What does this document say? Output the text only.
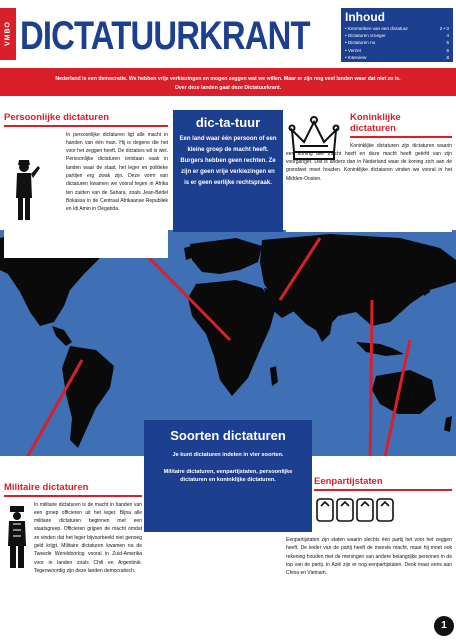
VMBO DICTATUURKRANT	Inhoud
• Kenmerken van een dictatuur	2 • 3
• Dictaturen vroeger	4
• Dictaturen nu	5
• Verzet	6
• Interview	8
Nederland is een democratie. We hebben vrije verkiezingen en mogen zeggen wat we willen. Maar er zijn nog veel landen waar dat niet zo is.
Over deze landen gaat deze Dictatuurkrant.
Persoonlijke dictaturen
In persoonlijke dictaturen ligt alle macht in handen van één man. Hij is degene die het voor het zeggen heeft. De dictators wil is wet. Persoonlijke dictaturen ontstaan vaak in landen waar de staat, het leger en politieke partijen erg zwak zijn. Deze vorm van dictaturen kwamen we vooral tegen in Afrika ten zuiden van de Sahara, zoals Jean-Bédel Bokassa in de Centraal Afrikaanse Republiek en Idi Amin in Oeganda.
dic-ta-tuur
Een land waar één persoon of een kleine groep de macht heeft. Burgers hebben geen rechten. Ze zijn er geen vrije verkiezingen en is er geen eerlijke rechtspraak.
Koninklijke dictaturen
Koninklijke dictaturen zijn dictaturen waarin een koning alle macht heeft en deze macht heeft geërfd van zijn voorganger. Dat is anders dan in Nederland waar de koning zich aan de grondwet moet houden. Koninklijke dictaturen vinden we vooral in het Midden-Oosten.
Soorten dictaturen
Je kunt dictaturen indelen in vier soorten.
Militaire dictaturen, eenpartijstaten, persoonlijke dictaturen en koninklijke dictaturen.
Militaire dictaturen
In militaire dictaturen is de macht in handen van een groep officieren uit het leger. Bijna alle militaire dictaturen beginnen met een staatsgreep. Officieren grijpen de macht omdat ze vinden dat het leger bijvoorbeeld niet genoeg geld krijgt. Militaire dictaturen kwamen na de Tweede Wereldoorlog vooral in Zuid-Amerika voor in landen zoals Chili en Argentinië. Tegenwoordig zijn deze landen democratisch.
Eenpartijstaten
Eenpartijstaten zijn staten waarin slechts één partij het voor het zeggen heeft. De leider van de partij heeft de meeste macht, maar hij moet ook rekening houden met de meningen van andere belangrijke personen in de top van de partij. In Azië zijn er nog eenpartijstaten. Denk maar eens aan China en Vietnam.
1
